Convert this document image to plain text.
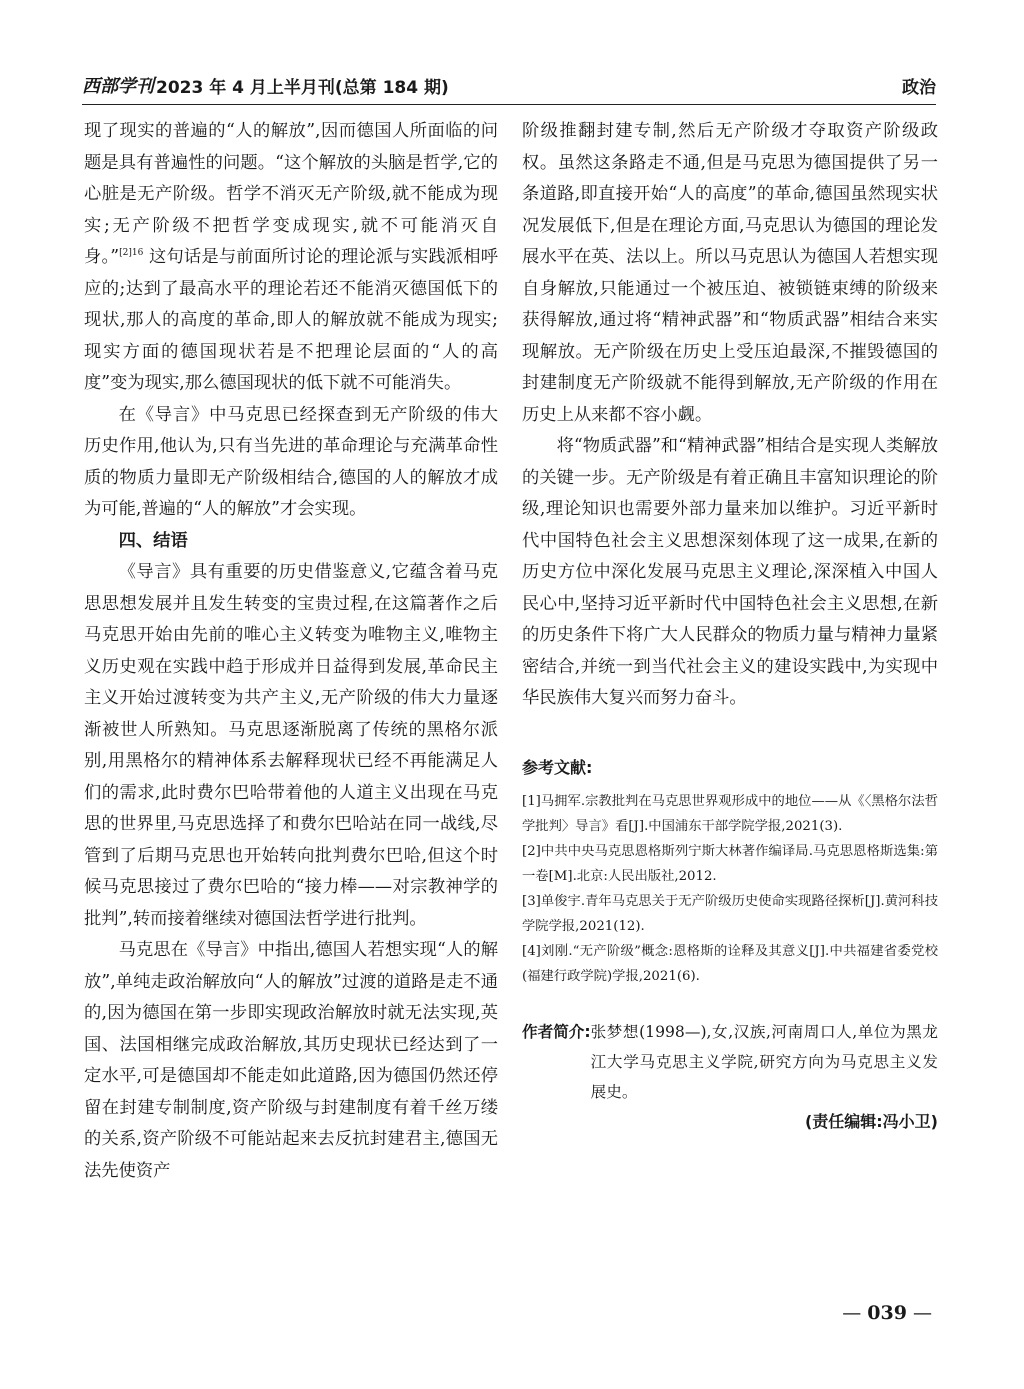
西部学刊 2023 年 4 月上半月刊(总第 184 期)	政治

现了现实的普遍的“人的解放”,因而德国人所面临的问题是具有普遍性的问题。“这个解放的头脑是哲学,它的心脏是无产阶级。哲学不消灭无产阶级,就不能成为现实;无产阶级不把哲学变成现实,就不可能消灭自身。”$^{[2]16}$ 这句话是与前面所讨论的理论派与实践派相呼应的;达到了最高水平的理论若还不能消灭德国低下的现状,那人的高度的革命,即人的解放就不能成为现实;现实方面的德国现状若是不把理论层面的“人的高度”变为现实,那么德国现状的低下就不可能消失。

在《导言》中马克思已经探查到无产阶级的伟大历史作用,他认为,只有当先进的革命理论与充满革命性质的物质力量即无产阶级相结合,德国的人的解放才成为可能,普遍的“人的解放”才会实现。

四、结语

《导言》具有重要的历史借鉴意义,它蕴含着马克思思想发展并且发生转变的宝贵过程,在这篇著作之后马克思开始由先前的唯心主义转变为唯物主义,唯物主义历史观在实践中趋于形成并日益得到发展,革命民主主义开始过渡转变为共产主义,无产阶级的伟大力量逐渐被世人所熟知。马克思逐渐脱离了传统的黑格尔派别,用黑格尔的精神体系去解释现状已经不再能满足人们的需求,此时费尔巴哈带着他的人道主义出现在马克思的世界里,马克思选择了和费尔巴哈站在同一战线,尽管到了后期马克思也开始转向批判费尔巴哈,但这个时候马克思接过了费尔巴哈的“接力棒——对宗教神学的批判”,转而接着继续对德国法哲学进行批判。

马克思在《导言》中指出,德国人若想实现“人的解放”,单纯走政治解放向“人的解放”过渡的道路是走不通的,因为德国在第一步即实现政治解放时就无法实现,英国、法国相继完成政治解放,其历史现状已经达到了一定水平,可是德国却不能走如此道路,因为德国仍然还停留在封建专制制度,资产阶级与封建制度有着千丝万缕的关系,资产阶级不可能站起来去反抗封建君主,德国无法先使资产

阶级推翻封建专制,然后无产阶级才夺取资产阶级政权。虽然这条路走不通,但是马克思为德国提供了另一条道路,即直接开始“人的高度”的革命,德国虽然现实状况发展低下,但是在理论方面,马克思认为德国的理论发展水平在英、法以上。所以马克思认为德国人若想实现自身解放,只能通过一个被压迫、被锁链束缚的阶级来获得解放,通过将“精神武器”和“物质武器”相结合来实现解放。无产阶级在历史上受压迫最深,不摧毁德国的封建制度无产阶级就不能得到解放,无产阶级的作用在历史上从来都不容小觑。

将“物质武器”和“精神武器”相结合是实现人类解放的关键一步。无产阶级是有着正确且丰富知识理论的阶级,理论知识也需要外部力量来加以维护。习近平新时代中国特色社会主义思想深刻体现了这一成果,在新的历史方位中深化发展马克思主义理论,深深植入中国人民心中,坚持习近平新时代中国特色社会主义思想,在新的历史条件下将广大人民群众的物质力量与精神力量紧密结合,并统一到当代社会主义的建设实践中,为实现中华民族伟大复兴而努力奋斗。

参考文献:
[1]马拥军.宗教批判在马克思世界观形成中的地位——从《〈黑格尔法哲学批判〉导言》看[J].中国浦东干部学院学报,2021(3).
[2]中共中央马克思恩格斯列宁斯大林著作编译局.马克思恩格斯选集:第一卷[M].北京:人民出版社,2012.
[3]单俊宇.青年马克思关于无产阶级历史使命实现路径探析[J].黄河科技学院学报,2021(12).
[4]刘刚.“无产阶级”概念:恩格斯的诠释及其意义[J].中共福建省委党校(福建行政学院)学报,2021(6).
作者简介: 张梦想(1998—),女,汉族,河南周口人,单位为黑龙江大学马克思主义学院,研究方向为马克思主义发展史。
(责任编辑:冯小卫)
— 039 —
